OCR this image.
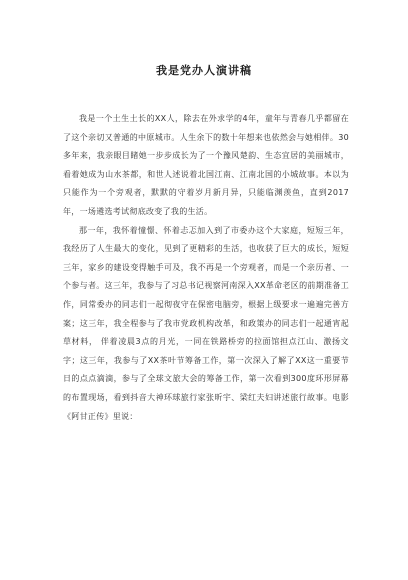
我是党办人演讲稿

我是一个土生土长的XX人，除去在外求学的4年，童年与青春几乎都留在了这个亲切又普通的中原城市。人生余下的数十年想来也依然会与她相伴。30多年来，我亲眼目睹她一步步成长为了一个豫风楚韵、生态宜居的美丽城市，看着她成为山水茶都，和世人述说着北国江南、江南北国的小城故事。本以为只能作为一个旁观者，默默的守着岁月新月异，只能临渊羡鱼，直到2017年，一场遴选考试彻底改变了我的生活。

那一年，我怀着憧憬、怀着忐忑加入到了市委办这个大家庭，短短三年，我经历了人生最大的变化，见到了更精彩的生活，也收获了巨大的成长，短短三年，家乡的建设变得触手可及，我不再是一个旁观者，而是一个亲历者、一个参与者。这三年，我参与了习总书记视察河南深入XX革命老区的前期准备工作，同常委办的同志们一起彻夜守在保密电脑旁，根据上级要求一遍遍完善方案；这三年，我全程参与了我市党政机构改革，和政策办的同志们一起通宵起草材料， 伴着凌晨3点的月光，一同在铁路桥旁的拉面馆担点江山、激扬文字；这三年，我参与了XX茶叶节筹备工作，第一次深入了解了XX这一重要节日的点点滴滴，参与了全球文旅大会的筹备工作，第一次看到300度环形屏幕的布置现场，看到抖音大神环球旅行家张昕宇、梁红夫妇讲述旅行故事。电影《阿甘正传》里说：
